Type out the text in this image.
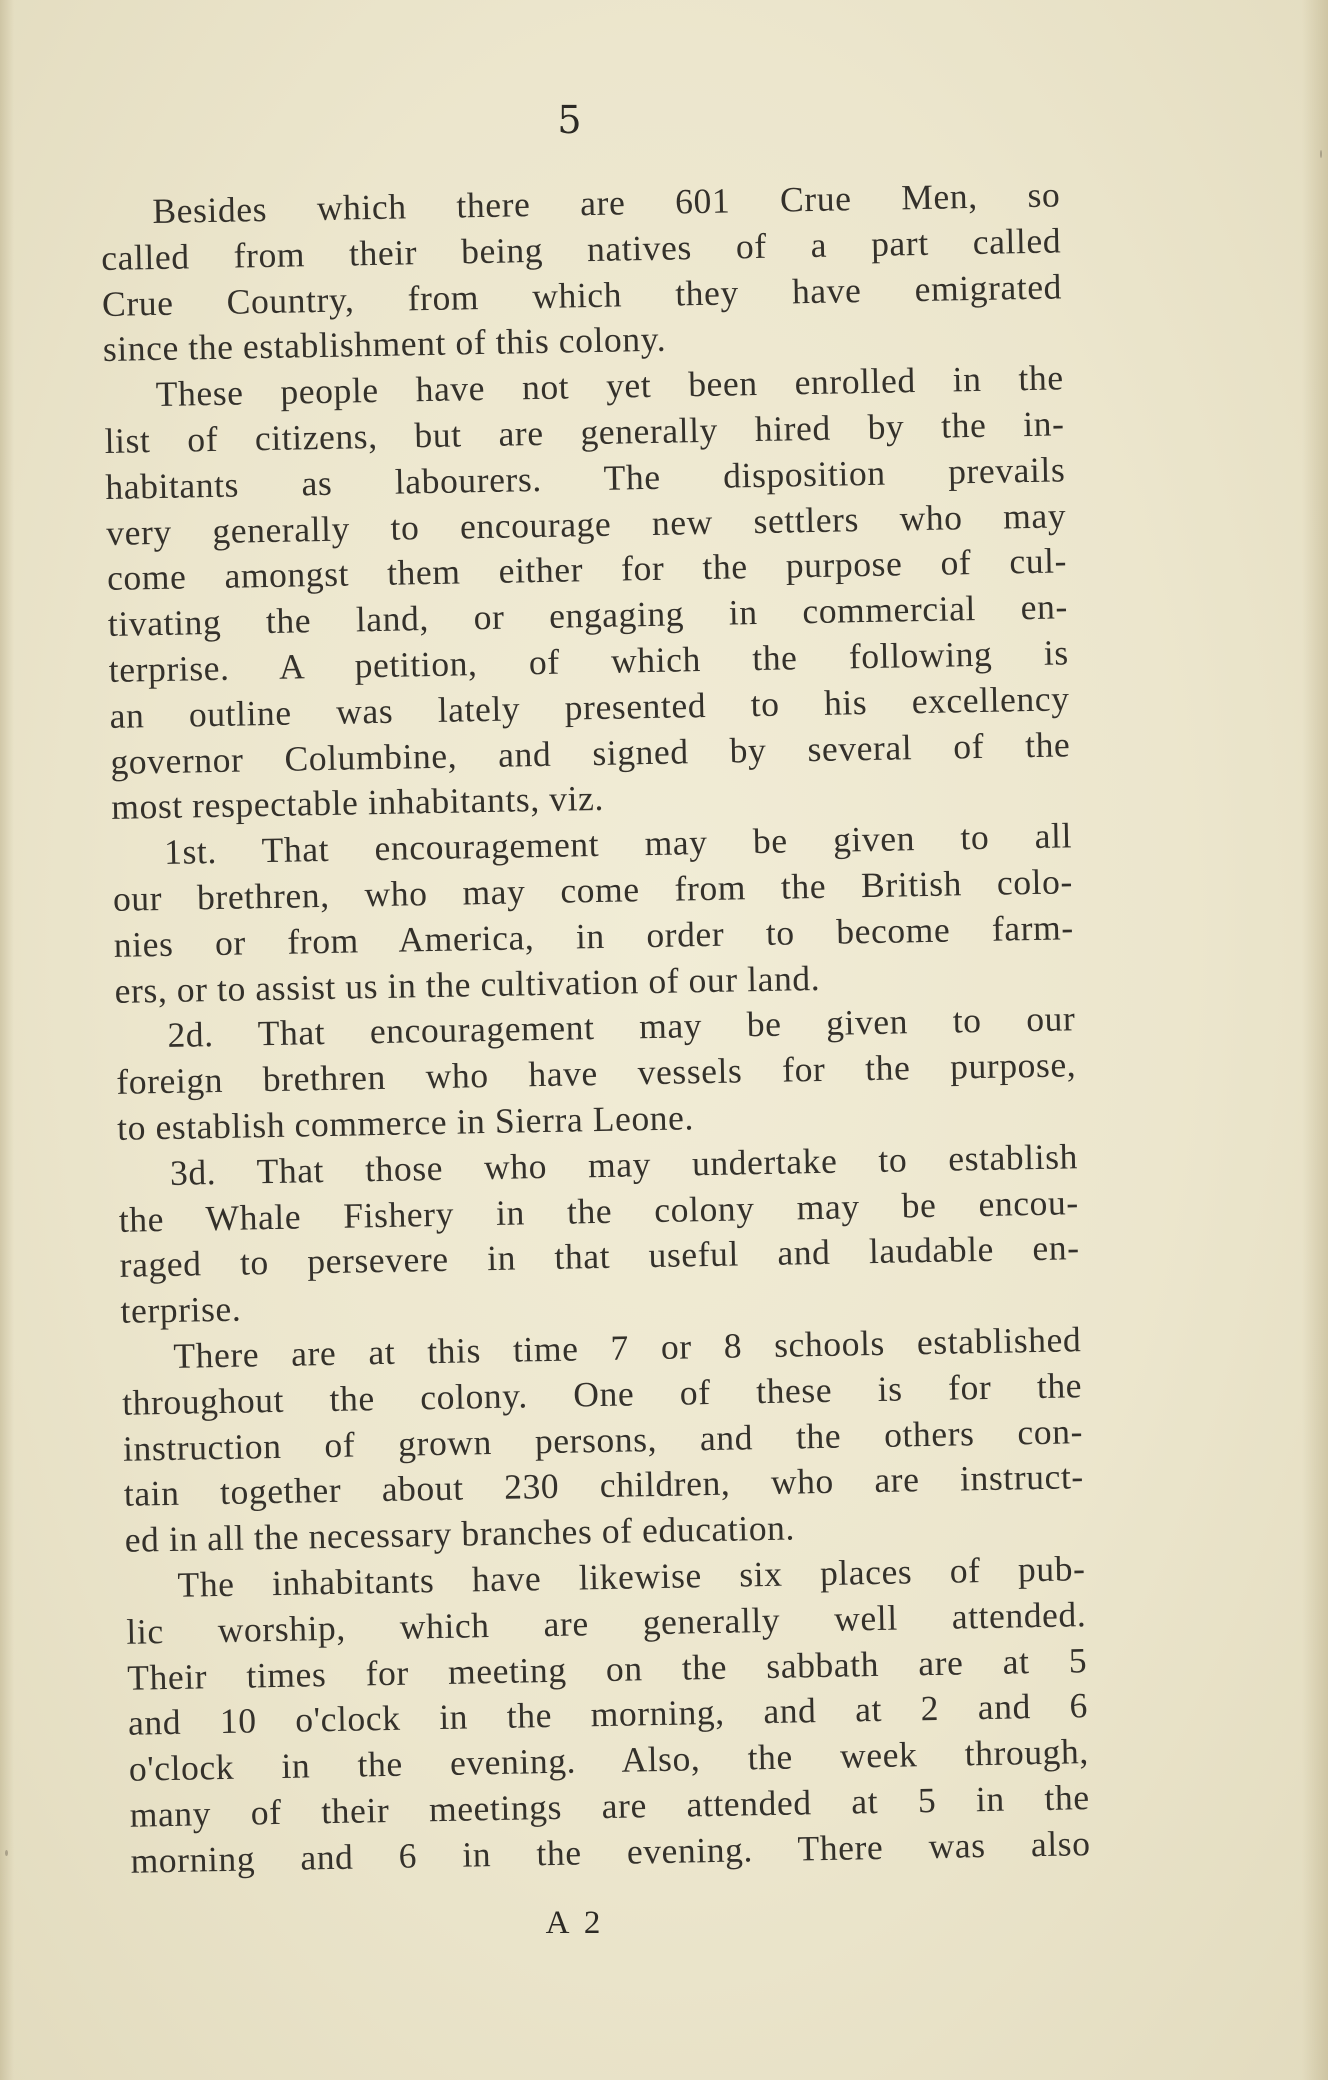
5
Besides which there are 601 Crue Men, so
called from their being natives of a part called
Crue Country, from which they have emigrated
since the establishment of this colony.
These people have not yet been enrolled in the
list of citizens, but are generally hired by the in-
habitants as labourers. The disposition prevails
very generally to encourage new settlers who may
come amongst them either for the purpose of cul-
tivating the land, or engaging in commercial en-
terprise. A petition, of which the following is
an outline was lately presented to his excellency
governor Columbine, and signed by several of the
most respectable inhabitants, viz.
1st. That encouragement may be given to all
our brethren, who may come from the British colo-
nies or from America, in order to become farm-
ers, or to assist us in the cultivation of our land.
2d. That encouragement may be given to our
foreign brethren who have vessels for the purpose,
to establish commerce in Sierra Leone.
3d. That those who may undertake to establish
the Whale Fishery in the colony may be encou-
raged to persevere in that useful and laudable en-
terprise.
There are at this time 7 or 8 schools established
throughout the colony. One of these is for the
instruction of grown persons, and the others con-
tain together about 230 children, who are instruct-
ed in all the necessary branches of education.
The inhabitants have likewise six places of pub-
lic worship, which are generally well attended.
Their times for meeting on the sabbath are at 5
and 10 o'clock in the morning, and at 2 and 6
o'clock in the evening. Also, the week through,
many of their meetings are attended at 5 in the
morning and 6 in the evening. There was also
A 2
